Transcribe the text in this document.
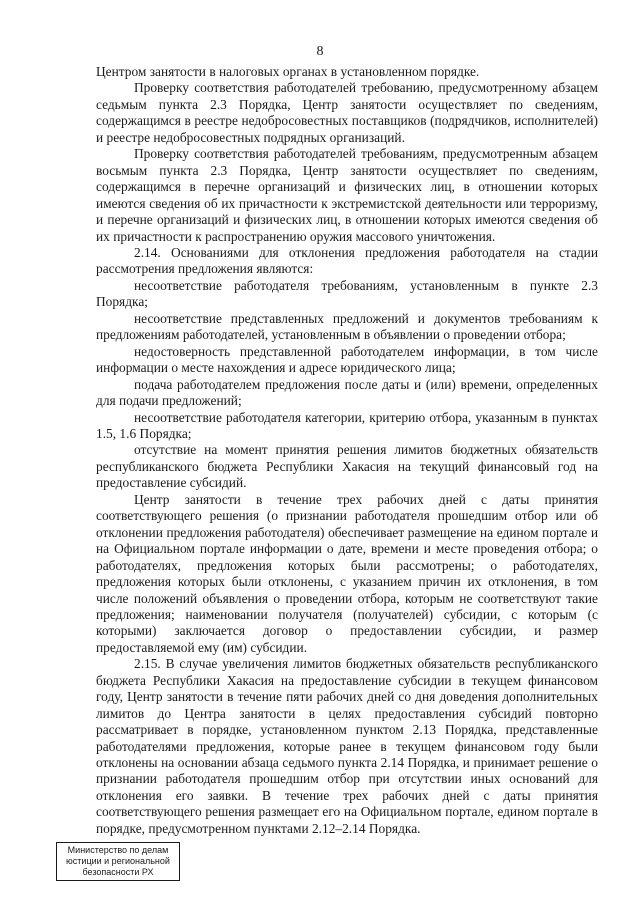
8

Центром занятости в налоговых органах в установленном порядке.

Проверку соответствия работодателей требованию, предусмотренному абзацем седьмым пункта 2.3 Порядка, Центр занятости осуществляет по сведениям, содержащимся в реестре недобросовестных поставщиков (подрядчиков, исполнителей) и реестре недобросовестных подрядных организаций.

Проверку соответствия работодателей требованиям, предусмотренным абзацем восьмым пункта 2.3 Порядка, Центр занятости осуществляет по сведениям, содержащимся в перечне организаций и физических лиц, в отношении которых имеются сведения об их причастности к экстремистской деятельности или терроризму, и перечне организаций и физических лиц, в отношении которых имеются сведения об их причастности к распространению оружия массового уничтожения.

2.14. Основаниями для отклонения предложения работодателя на стадии рассмотрения предложения являются:

несоответствие работодателя требованиям, установленным в пункте 2.3 Порядка;

несоответствие представленных предложений и документов требованиям к предложениям работодателей, установленным в объявлении о проведении отбора;

недостоверность представленной работодателем информации, в том числе информации о месте нахождения и адресе юридического лица;

подача работодателем предложения после даты и (или) времени, определенных для подачи предложений;

несоответствие работодателя категории, критерию отбора, указанным в пунктах 1.5, 1.6 Порядка;

отсутствие на момент принятия решения лимитов бюджетных обязательств республиканского бюджета Республики Хакасия на текущий финансовый год на предоставление субсидий.

Центр занятости в течение трех рабочих дней с даты принятия соответствующего решения (о признании работодателя прошедшим отбор или об отклонении предложения работодателя) обеспечивает размещение на едином портале и на Официальном портале информации о дате, времени и месте проведения отбора; о работодателях, предложения которых были рассмотрены; о работодателях, предложения которых были отклонены, с указанием причин их отклонения, в том числе положений объявления о проведении отбора, которым не соответствуют такие предложения; наименовании получателя (получателей) субсидии, с которым (с которыми) заключается договор о предоставлении субсидии, и размер предоставляемой ему (им) субсидии.

2.15. В случае увеличения лимитов бюджетных обязательств республиканского бюджета Республики Хакасия на предоставление субсидии в текущем финансовом году, Центр занятости в течение пяти рабочих дней со дня доведения дополнительных лимитов до Центра занятости в целях предоставления субсидий повторно рассматривает в порядке, установленном пунктом 2.13 Порядка, представленные работодателями предложения, которые ранее в текущем финансовом году были отклонены на основании абзаца седьмого пункта 2.14 Порядка, и принимает решение о признании работодателя прошедшим отбор при отсутствии иных оснований для отклонения его заявки. В течение трех рабочих дней с даты принятия соответствующего решения размещает его на Официальном портале, едином портале в порядке, предусмотренном пунктами 2.12–2.14 Порядка.

Министерство по делам
юстиции и региональной
безопасности РХ
